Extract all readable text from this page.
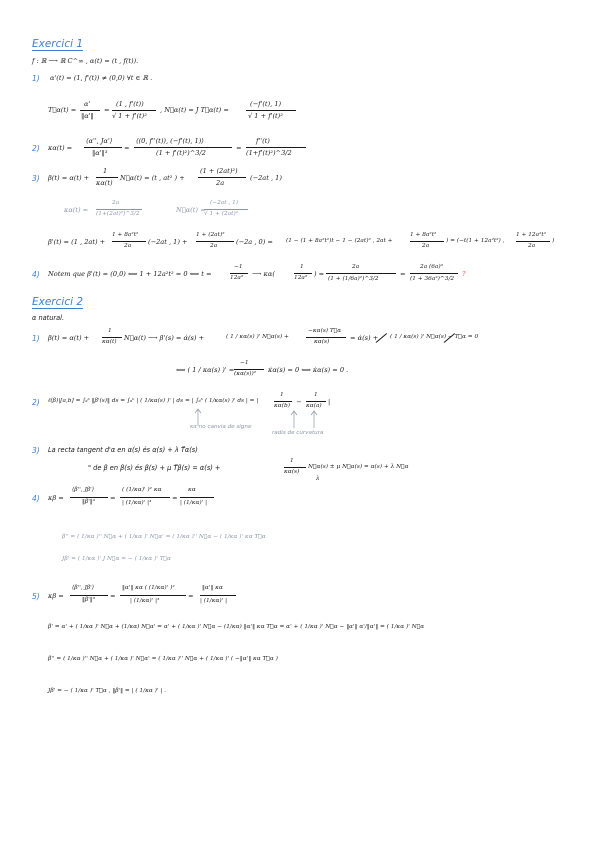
Exercici 1
f : ℝ ⟶ ℝ C^∞ , α(t) = (t , f(t)).
1) α'(t) = (1, f'(t)) ≠ (0,0) ∀t ∈ ℝ .
T⃗α(t) =
α'
‖α'‖
=
(1 , f'(t))
√ 1 + f'(t)²
, N⃗α(t) = J T⃗α(t) =
(−f'(t), 1)
√ 1 + f'(t)²
2) κα(t) =
⟨α'', Jα'⟩
‖α'‖³
=
⟨(0, f''(t)), (−f'(t), 1)⟩
(1 + f'(t)²)^3/2
=
f''(t)
(1+f'(t)²)^3/2
3) β(t) = α(t) +
1
κα(t)
N⃗α(t) = (t , at² ) +
(1 + (2at)²)
2a
(−2at , 1)
κα(t) =
2a
(1+(2at)²)^3/2	N⃗α(t) =
(−2at , 1)
√ 1 + (2at)²
β'(t) = (1 , 2at) +
1 + 8a²t²
2a	(−2at , 1) +
1 + (2at)²
2a	(−2a , 0) = (1 − (1 + 8a²t²)t − 1 − (2at)² , 2at +
1 + 8a²t²
2a
) = (−t(1 + 12a²t²) ,
1 + 12a²t²
2a
)
4) Notem que β'(t) = (0,0) ⟺ 1 + 12a²t² = 0 ⟺ t =
−1
12a² ⟶ κα(
1
12a² ) =
2a
(1 + (1/6a)²)^3/2
=
2a (6a)³
(1 + 36a²)^3/2
?
Exercici 2
α natural.
1) β(t) = α(t) +
1
κα(t) N⃗α(t) ⟶ β'(s) = α̇(s) +	( 1 / κα(s) )' N⃗α(s) +
−κα(s) T⃗α
κα(s)	= α̇(s) + ( 1 / κα(s) )' N⃗α(s) − T⃗α = 0
⟺ ( 1 / κα(s) )' =
−1
(κα(s))² κ̇α(s) = 0 ⟺ κ̇α(s) = 0 .
2) ℓ(β)|[a,b] = ∫ₐᵇ ‖β'(s)‖ ds = ∫ₐᵇ | ( 1/κα(s) )' | ds = | ∫ₐᵇ ( 1/κα(s) )' ds | = |
1
κα(b) −
1
κα(a) |
κα no canvia de signe
radis de curvatura
3) La recta tangent d'α en α(s) és α(s) + λ T⃗α(s)
" de β en β(s) és β(s) + μ T⃗β(s) = α(s) +
1
κα(s)
N⃗α(s) ± μ N⃗α(s) = α(s) + λ N⃗α
λ
4) κβ =
⟨β'', Jβ'⟩
‖β'‖³ =
( (1/κα)' )² κα
| (1/κα)' |³
=
κα
| (1/κα)' |
β'' = ( 1/κα )'' N⃗α + ( 1/κα )' N⃗α' = ( 1/κα )'' N⃗α − ( 1/κα )' κα T⃗α
Jβ' = ( 1/κα )' J N⃗α = − ( 1/κα )' T⃗α
5) κβ =
⟨β'', Jβ'⟩
‖β'‖³ =
‖α'‖ κα ( (1/κα)' )²
| (1/κα)' |³
=
‖α'‖ κα
| (1/κα)' |
β' = α' + ( 1/κα )' N⃗α + (1/κα) N⃗α' = α' + ( 1/κα )' N⃗α − (1/κα) ‖α'‖ κα T⃗α = α' + ( 1/κα )' N⃗α − ‖α'‖ α'/‖α'‖ = ( 1/κα )' N⃗α
β'' = ( 1/κα )'' N⃗α + ( 1/κα )' N⃗α' = ( 1/κα )'' N⃗α + ( 1/κα )' ( −‖α'‖ κα T⃗α )
Jβ' = − ( 1/κα )' T⃗α , ‖β'‖ = | ( 1/κα )' | .
